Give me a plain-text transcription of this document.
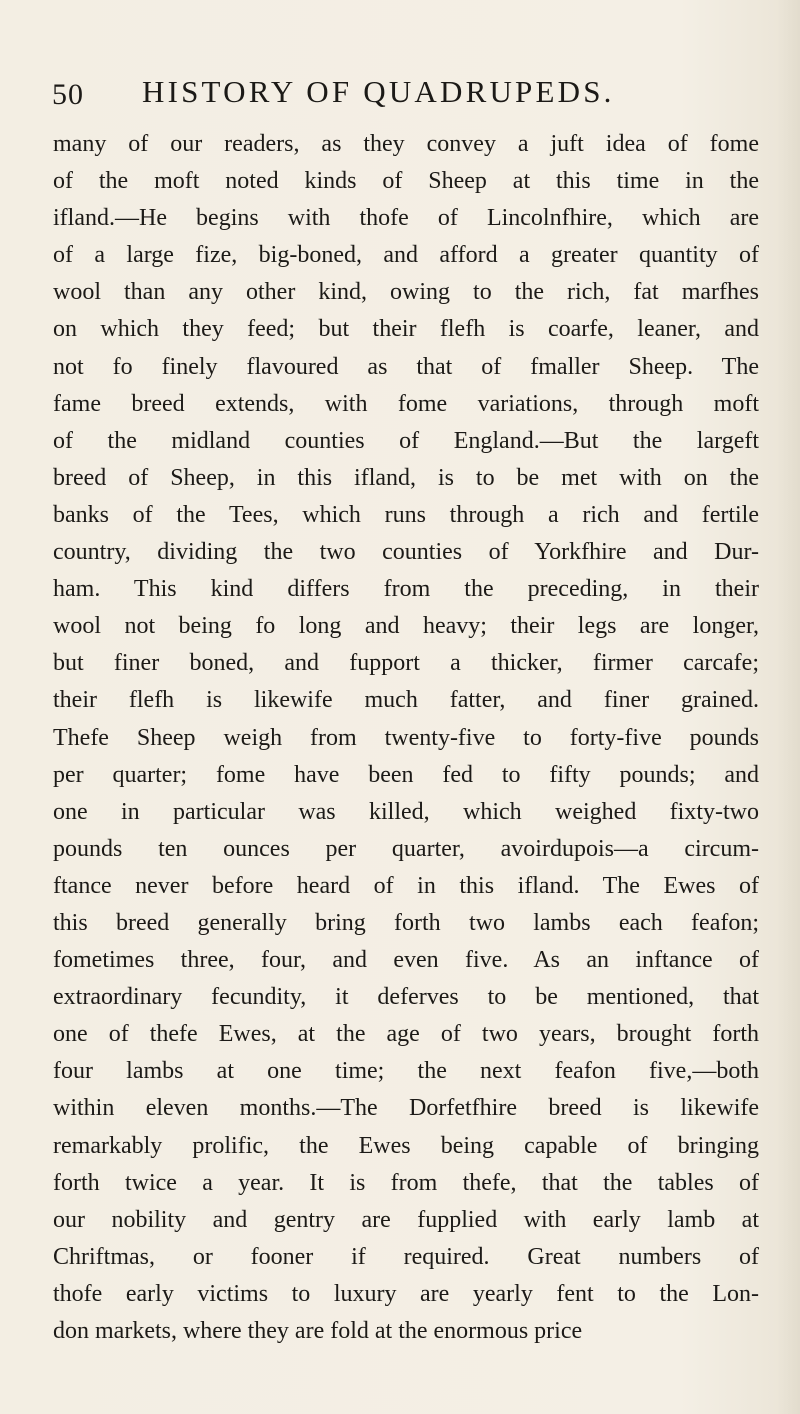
50 HISTORY OF QUADRUPEDS.
many of our readers, as they convey a juft idea of fome
of the moft noted kinds of Sheep at this time in the
ifland.—He begins with thofe of Lincolnfhire, which are
of a large fize, big-boned, and afford a greater quantity of
wool than any other kind, owing to the rich, fat marfhes
on which they feed; but their flefh is coarfe, leaner, and
not fo finely flavoured as that of fmaller Sheep. The
fame breed extends, with fome variations, through moft
of the midland counties of England.—But the largeft
breed of Sheep, in this ifland, is to be met with on the
banks of the Tees, which runs through a rich and fertile
country, dividing the two counties of Yorkfhire and Dur-
ham. This kind differs from the preceding, in their
wool not being fo long and heavy; their legs are longer,
but finer boned, and fupport a thicker, firmer carcafe;
their flefh is likewife much fatter, and finer grained.
Thefe Sheep weigh from twenty-five to forty-five pounds
per quarter; fome have been fed to fifty pounds; and
one in particular was killed, which weighed fixty-two
pounds ten ounces per quarter, avoirdupois—a circum-
ftance never before heard of in this ifland. The Ewes of
this breed generally bring forth two lambs each feafon;
fometimes three, four, and even five. As an inftance of
extraordinary fecundity, it deferves to be mentioned, that
one of thefe Ewes, at the age of two years, brought forth
four lambs at one time; the next feafon five,—both
within eleven months.—The Dorfetfhire breed is likewife
remarkably prolific, the Ewes being capable of bringing
forth twice a year. It is from thefe, that the tables of
our nobility and gentry are fupplied with early lamb at
Chriftmas, or fooner if required. Great numbers of
thofe early victims to luxury are yearly fent to the Lon-
don markets, where they are fold at the enormous price
